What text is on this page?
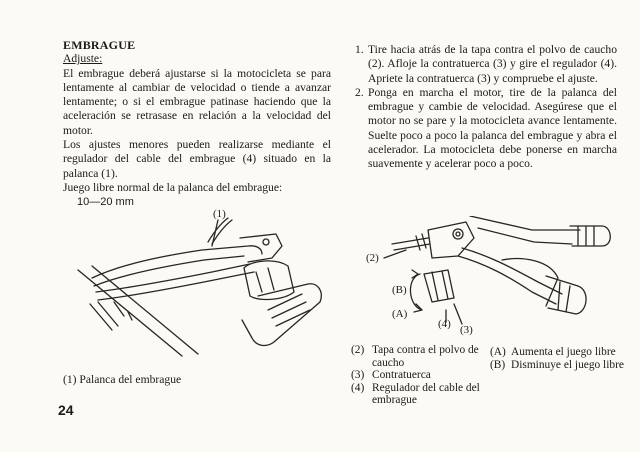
EMBRAGUE
Adjuste:
El embrague deberá ajustarse si la motocicleta se para lentamente al cambiar de velocidad o tiende a avanzar lentamente; o si el embrague patinase haciendo que la aceleración se retrasase en relación a la velocidad del motor.
Los ajustes menores pueden realizarse mediante el regulador del cable del embrague (4) situado en la palanca (1).
Juego libre normal de la palanca del embrague:
10—20 mm
(1)
(1) Palanca del embrague
24
1. Tire hacia atrás de la tapa contra el polvo de caucho (2). Afloje la contratuerca (3) y gire el regulador (4). Apriete la contratuerca (3) y compruebe el ajuste.
2. Ponga en marcha el motor, tire de la palanca del embrague y cambie de velocidad. Asegúrese que el motor no se pare y la motocicleta avance lentamente. Suelte poco a poco la palanca del embrague y abra el acelerador. La motocicleta debe ponerse en marcha suavemente y acelerar poco a poco.
(2)
(B)
(A)
(4) (3)
(2) Tapa contra el polvo de caucho
(3) Contratuerca
(4) Regulador del cable del embrague
(A) Aumenta el juego libre
(B) Disminuye el juego libre
